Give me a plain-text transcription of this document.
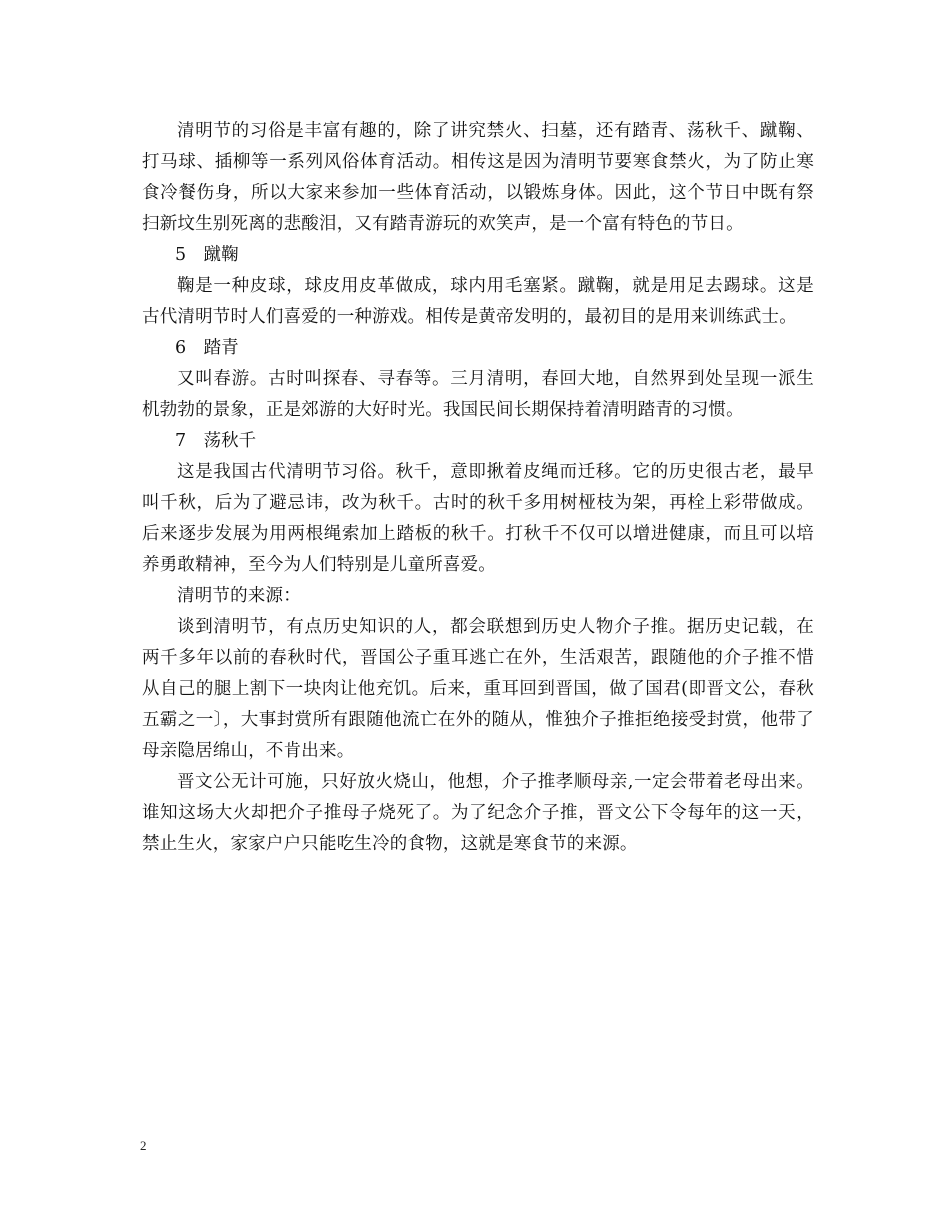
清明节的习俗是丰富有趣的，除了讲究禁火、扫墓，还有踏青、荡秋千、蹴鞠、打马球、插柳等一系列风俗体育活动。相传这是因为清明节要寒食禁火，为了防止寒食冷餐伤身，所以大家来参加一些体育活动，以锻炼身体。因此，这个节日中既有祭扫新坟生别死离的悲酸泪，又有踏青游玩的欢笑声，是一个富有特色的节日。

5　蹴鞠

鞠是一种皮球，球皮用皮革做成，球内用毛塞紧。蹴鞠，就是用足去踢球。这是古代清明节时人们喜爱的一种游戏。相传是黄帝发明的，最初目的是用来训练武士。

6　踏青

又叫春游。古时叫探春、寻春等。三月清明，春回大地，自然界到处呈现一派生机勃勃的景象，正是郊游的大好时光。我国民间长期保持着清明踏青的习惯。

7　荡秋千

这是我国古代清明节习俗。秋千，意即揪着皮绳而迁移。它的历史很古老，最早叫千秋，后为了避忌讳，改为秋千。古时的秋千多用树桠枝为架，再栓上彩带做成。后来逐步发展为用两根绳索加上踏板的秋千。打秋千不仅可以增进健康，而且可以培养勇敢精神，至今为人们特别是儿童所喜爱。

清明节的来源：

谈到清明节，有点历史知识的人，都会联想到历史人物介子推。据历史记载，在两千多年以前的春秋时代，晋国公子重耳逃亡在外，生活艰苦，跟随他的介子推不惜从自己的腿上割下一块肉让他充饥。后来，重耳回到晋国，做了国君(即晋文公，春秋五霸之一〕，大事封赏所有跟随他流亡在外的随从，惟独介子推拒绝接受封赏，他带了母亲隐居绵山，不肯出来。

晋文公无计可施，只好放火烧山，他想，介子推孝顺母亲,一定会带着老母出来。谁知这场大火却把介子推母子烧死了。为了纪念介子推，晋文公下令每年的这一天，禁止生火，家家户户只能吃生冷的食物，这就是寒食节的来源。

2
